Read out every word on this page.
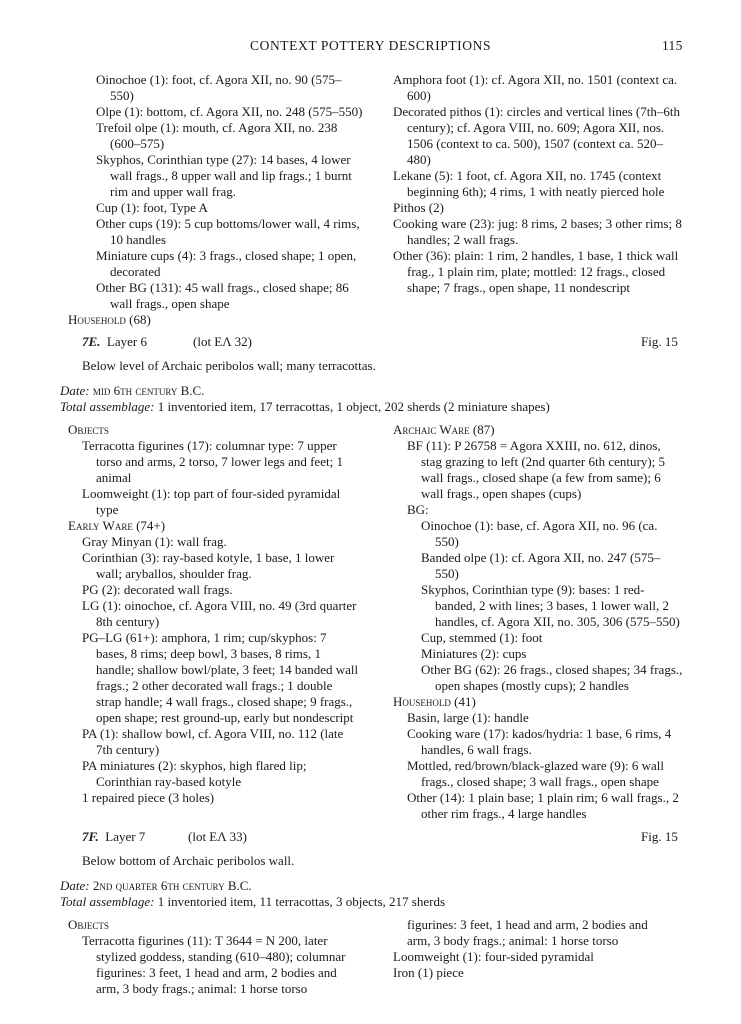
CONTEXT POTTERY DESCRIPTIONS	115

Oinochoe (1): foot, cf. Agora XII, no. 90 (575–550)

Olpe (1): bottom, cf. Agora XII, no. 248 (575–550)

Trefoil olpe (1): mouth, cf. Agora XII, no. 238 (600–575)

Skyphos, Corinthian type (27): 14 bases, 4 lower wall frags., 8 upper wall and lip frags.; 1 burnt rim and upper wall frag.

Cup (1): foot, Type A

Other cups (19): 5 cup bottoms/lower wall, 4 rims, 10 handles

Miniature cups (4): 3 frags., closed shape; 1 open, decorated

Other BG (131): 45 wall frags., closed shape; 86 wall frags., open shape

Household (68)

Amphora foot (1): cf. Agora XII, no. 1501 (context ca. 600)

Decorated pithos (1): circles and vertical lines (7th–6th century); cf. Agora VIII, no. 609; Agora XII, nos. 1506 (context to ca. 500), 1507 (context ca. 520–480)

Lekane (5): 1 foot, cf. Agora XII, no. 1745 (context beginning 6th); 4 rims, 1 with neatly pierced hole

Pithos (2)

Cooking ware (23): jug: 8 rims, 2 bases; 3 other rims; 8 handles; 2 wall frags.

Other (36): plain: 1 rim, 2 handles, 1 base, 1 thick wall frag., 1 plain rim, plate; mottled: 12 frags., closed shape; 7 frags., open shape, 11 nondescript

7E. Layer 6	(lot EΛ 32)	Fig. 15
Below level of Archaic peribolos wall; many terracottas.
Date: mid 6th century B.C.
Total assemblage: 1 inventoried item, 17 terracottas, 1 object, 202 sherds (2 miniature shapes)

Objects

Terracotta figurines (17): columnar type: 7 upper torso and arms, 2 torso, 7 lower legs and feet; 1 animal

Loomweight (1): top part of four-sided pyramidal type

Early Ware (74+)

Gray Minyan (1): wall frag.

Corinthian (3): ray-based kotyle, 1 base, 1 lower wall; aryballos, shoulder frag.

PG (2): decorated wall frags.

LG (1): oinochoe, cf. Agora VIII, no. 49 (3rd quarter 8th century)

PG–LG (61+): amphora, 1 rim; cup/skyphos: 7 bases, 8 rims; deep bowl, 3 bases, 8 rims, 1 handle; shallow bowl/plate, 3 feet; 14 banded wall frags.; 2 other decorated wall frags.; 1 double strap handle; 4 wall frags., closed shape; 9 frags., open shape; rest ground-up, early but nondescript

PA (1): shallow bowl, cf. Agora VIII, no. 112 (late 7th century)

PA miniatures (2): skyphos, high flared lip; Corinthian ray-based kotyle

1 repaired piece (3 holes)

Archaic Ware (87)

BF (11): P 26758 = Agora XXIII, no. 612, dinos, stag grazing to left (2nd quarter 6th century); 5 wall frags., closed shape (a few from same); 6 wall frags., open shapes (cups)

BG:

Oinochoe (1): base, cf. Agora XII, no. 96 (ca. 550)

Banded olpe (1): cf. Agora XII, no. 247 (575–550)

Skyphos, Corinthian type (9): bases: 1 red-banded, 2 with lines; 3 bases, 1 lower wall, 2 handles, cf. Agora XII, no. 305, 306 (575–550)

Cup, stemmed (1): foot

Miniatures (2): cups

Other BG (62): 26 frags., closed shapes; 34 frags., open shapes (mostly cups); 2 handles

Household (41)

Basin, large (1): handle

Cooking ware (17): kados/hydria: 1 base, 6 rims, 4 handles, 6 wall frags.

Mottled, red/brown/black-glazed ware (9): 6 wall frags., closed shape; 3 wall frags., open shape

Other (14): 1 plain base; 1 plain rim; 6 wall frags., 2 other rim frags., 4 large handles

7F. Layer 7	(lot EΛ 33)	Fig. 15
Below bottom of Archaic peribolos wall.
Date: 2nd quarter 6th century B.C.
Total assemblage: 1 inventoried item, 11 terracottas, 3 objects, 217 sherds

Objects

Terracotta figurines (11): T 3644 = N 200, later stylized goddess, standing (610–480); columnar figurines: 3 feet, 1 head and arm, 2 bodies and arm, 3 body frags.; animal: 1 horse torso

Loomweight (1): four-sided pyramidal

Iron (1) piece

figurines: 3 feet, 1 head and arm, 2 bodies and
arm, 3 body frags.; animal: 1 horse torso
